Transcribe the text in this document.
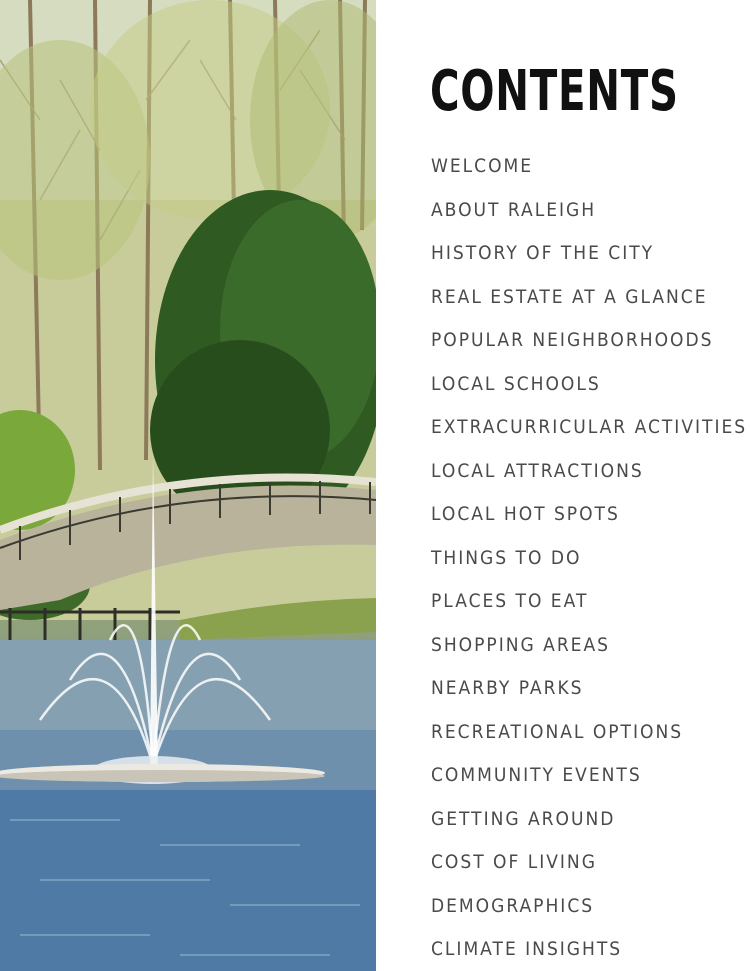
CONTENTS
WELCOME
ABOUT RALEIGH
HISTORY OF THE CITY
REAL ESTATE AT A GLANCE
POPULAR NEIGHBORHOODS
LOCAL SCHOOLS
EXTRACURRICULAR ACTIVITIES
LOCAL ATTRACTIONS
LOCAL HOT SPOTS
THINGS TO DO
PLACES TO EAT
SHOPPING AREAS
NEARBY PARKS
RECREATIONAL OPTIONS
COMMUNITY EVENTS
GETTING AROUND
COST OF LIVING
DEMOGRAPHICS
CLIMATE INSIGHTS
